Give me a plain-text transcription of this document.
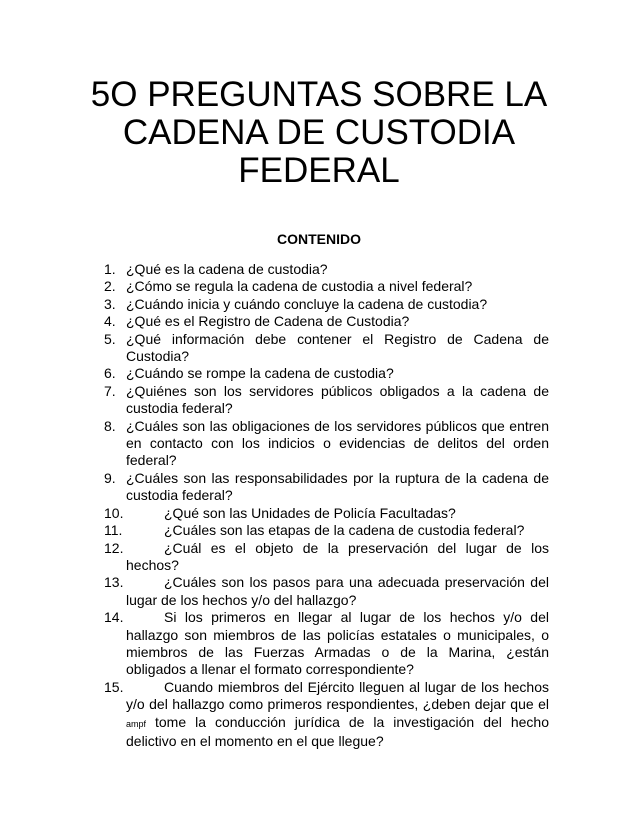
5O PREGUNTAS SOBRE LA
CADENA DE CUSTODIA
FEDERAL
CONTENIDO
1. ¿Qué es la cadena de custodia?
2. ¿Cómo se regula la cadena de custodia a nivel federal?
3. ¿Cuándo inicia y cuándo concluye la cadena de custodia?
4. ¿Qué es el Registro de Cadena de Custodia?
5. ¿Qué información debe contener el Registro de Cadena de Custodia?
6. ¿Cuándo se rompe la cadena de custodia?
7. ¿Quiénes son los servidores públicos obligados a la cadena de custodia federal?
8. ¿Cuáles son las obligaciones de los servidores públicos que entren en contacto con los indicios o evidencias de delitos del orden federal?
9. ¿Cuáles son las responsabilidades por la ruptura de la cadena de custodia federal?
10.	¿Qué son las Unidades de Policía Facultadas?
11.	¿Cuáles son las etapas de la cadena de custodia federal?
12.	¿Cuál es el objeto de la preservación del lugar de los hechos?
13.	¿Cuáles son los pasos para una adecuada preservación del lugar de los hechos y/o del hallazgo?
14.	Si los primeros en llegar al lugar de los hechos y/o del hallazgo son miembros de las policías estatales o municipales, o miembros de las Fuerzas Armadas o de la Marina, ¿están obligados a llenar el formato correspondiente?
15.	Cuando miembros del Ejército lleguen al lugar de los hechos y/o del hallazgo como primeros respondientes, ¿deben dejar que el ampf tome la conducción jurídica de la investigación del hecho delictivo en el momento en el que llegue?
